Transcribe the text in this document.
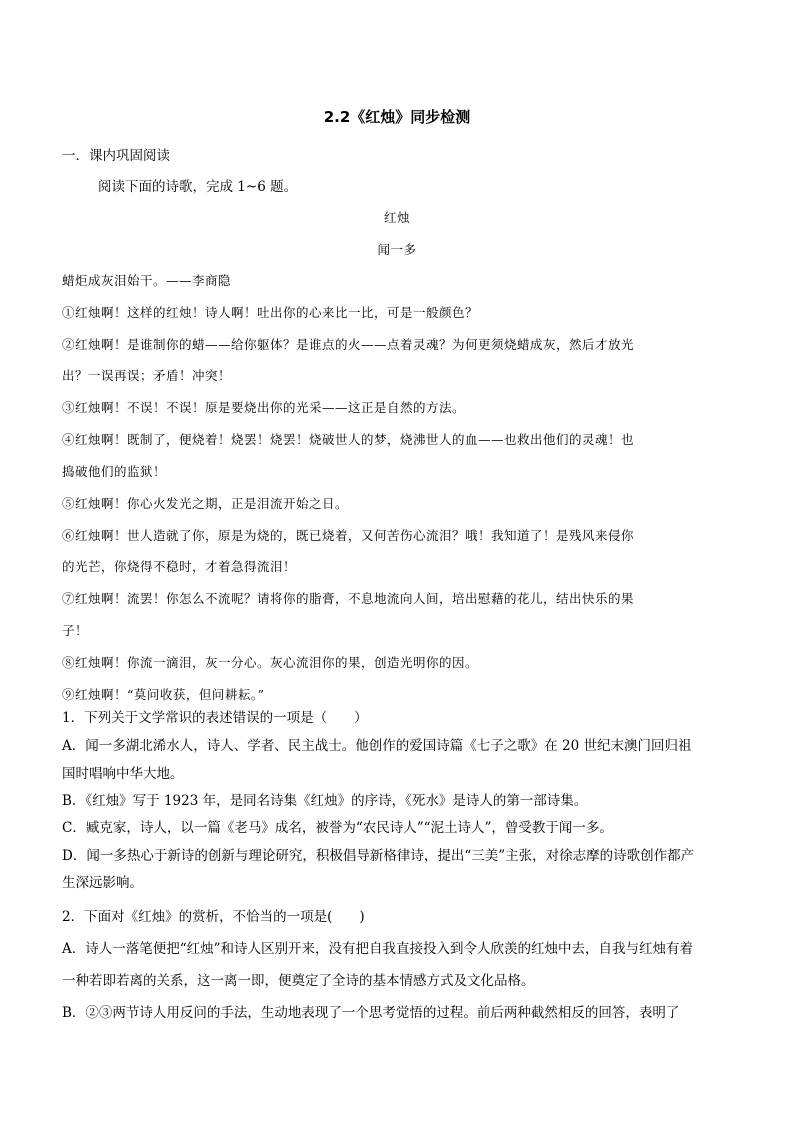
2.2《红烛》同步检测
一．课内巩固阅读
阅读下面的诗歌，完成 1~6 题。
红烛
闻一多
蜡炬成灰泪始干。——李商隐
①红烛啊！这样的红烛！诗人啊！吐出你的心来比一比，可是一般颜色？
②红烛啊！是谁制你的蜡——给你躯体？是谁点的火——点着灵魂？为何更须烧蜡成灰，然后才放光
出？一误再误；矛盾！冲突！
③红烛啊！不误！不误！原是要烧出你的光采——这正是自然的方法。
④红烛啊！既制了，便烧着！烧罢！烧罢！烧破世人的梦，烧沸世人的血——也救出他们的灵魂！也
捣破他们的监狱！
⑤红烛啊！你心火发光之期，正是泪流开始之日。
⑥红烛啊！世人造就了你，原是为烧的，既已烧着，又何苦伤心流泪？哦！我知道了！是残风来侵你
的光芒，你烧得不稳时，才着急得流泪！
⑦红烛啊！流罢！你怎么不流呢？请将你的脂膏，不息地流向人间，培出慰藉的花儿，结出快乐的果
子！
⑧红烛啊！你流一滴泪，灰一分心。灰心流泪你的果，创造光明你的因。
⑨红烛啊！“莫问收获，但问耕耘。”
1．下列关于文学常识的表述错误的一项是（　　）
A．闻一多湖北浠水人，诗人、学者、民主战士。他创作的爱国诗篇《七子之歌》在 20 世纪末澳门回归祖
国时唱响中华大地。
B．《红烛》写于 1923 年，是同名诗集《红烛》的序诗，《死水》是诗人的第一部诗集。
C．臧克家，诗人，以一篇《老马》成名，被誉为“农民诗人”“泥土诗人”，曾受教于闻一多。
D．闻一多热心于新诗的创新与理论研究，积极倡导新格律诗，提出“三美”主张，对徐志摩的诗歌创作都产
生深远影响。
2．下面对《红烛》的赏析，不恰当的一项是(　　)
A．诗人一落笔便把“红烛”和诗人区别开来，没有把自我直接投入到令人欣羡的红烛中去，自我与红烛有着
一种若即若离的关系，这一离一即，便奠定了全诗的基本情感方式及文化品格。
B．②③两节诗人用反问的手法，生动地表现了一个思考觉悟的过程。前后两种截然相反的回答，表明了
